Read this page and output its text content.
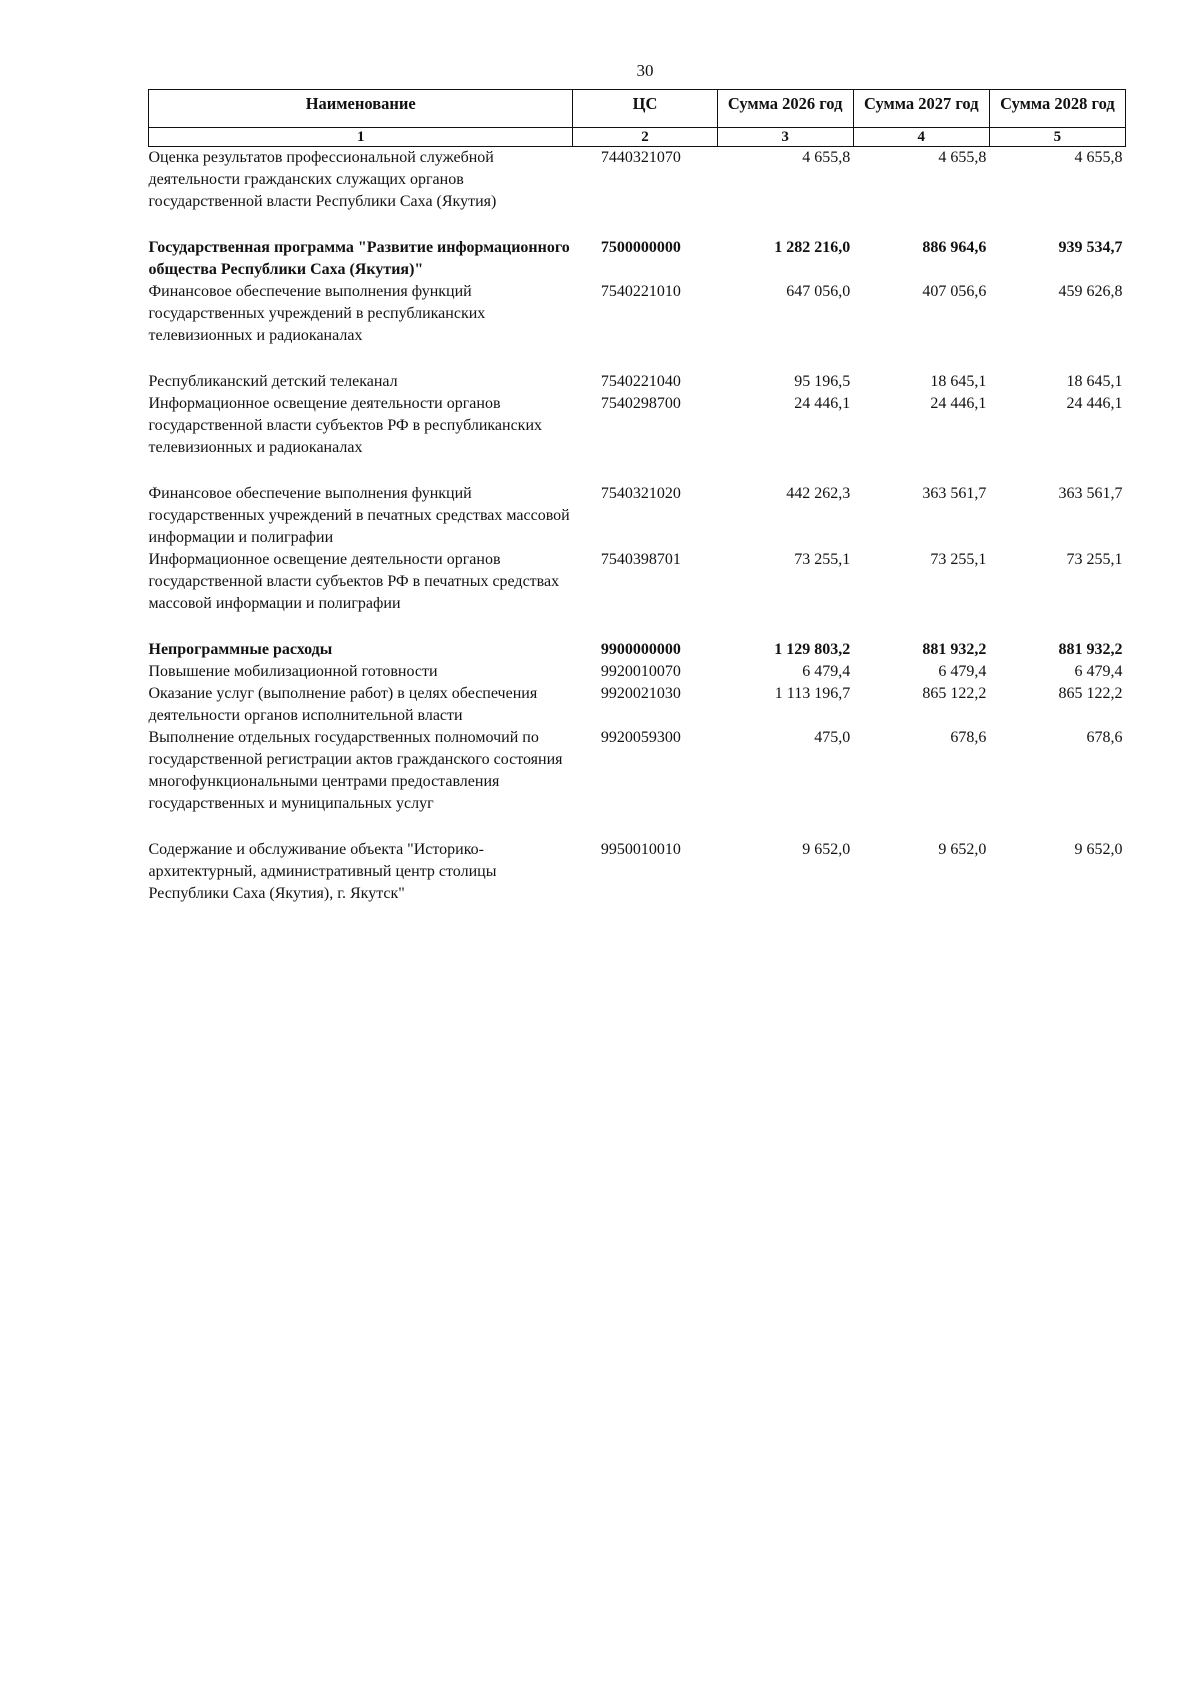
30
Наименование	ЦС	Сумма 2026 год	Сумма 2027 год	Сумма 2028 год
1	2	3	4	5
Оценка результатов профессиональной служебной деятельности гражданских служащих органов государственной власти Республики Саха (Якутия)	7440321070	4 655,8	4 655,8	4 655,8
Государственная программа "Развитие информационного общества Республики Саха (Якутия)"	7500000000	1 282 216,0	886 964,6	939 534,7
Финансовое обеспечение выполнения функций государственных учреждений в республиканских телевизионных и радиоканалах	7540221010	647 056,0	407 056,6	459 626,8
Республиканский детский телеканал	7540221040	95 196,5	18 645,1	18 645,1
Информационное освещение деятельности органов государственной власти субъектов РФ в республиканских телевизионных и радиоканалах	7540298700	24 446,1	24 446,1	24 446,1
Финансовое обеспечение выполнения функций государственных учреждений в печатных средствах массовой информации и полиграфии	7540321020	442 262,3	363 561,7	363 561,7
Информационное освещение деятельности органов государственной власти субъектов РФ в печатных средствах массовой информации и полиграфии	7540398701	73 255,1	73 255,1	73 255,1
Непрограммные расходы	9900000000	1 129 803,2	881 932,2	881 932,2
Повышение мобилизационной готовности	9920010070	6 479,4	6 479,4	6 479,4
Оказание услуг (выполнение работ) в целях обеспечения деятельности органов исполнительной власти	9920021030	1 113 196,7	865 122,2	865 122,2
Выполнение отдельных государственных полномочий по государственной регистрации актов гражданского состояния многофункциональными центрами предоставления государственных и муниципальных услуг	9920059300	475,0	678,6	678,6
Содержание и обслуживание объекта "Историко-архитектурный, административный центр столицы Республики Саха (Якутия), г. Якутск"	9950010010	9 652,0	9 652,0	9 652,0
